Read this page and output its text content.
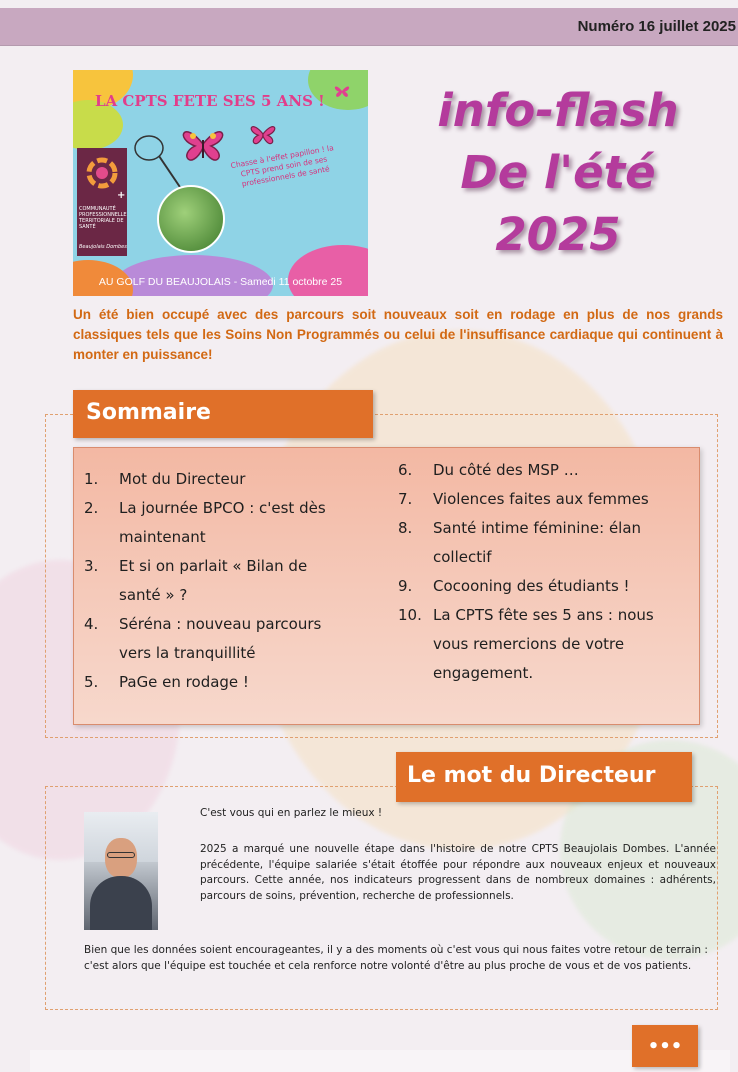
Numéro 16 juillet 2025
LA CPTS FETE SES 5 ANS !
+
COMMUNAUTÉ PROFESSIONNELLE TERRITORIALE DE SANTÉ
Beaujolais Dombes
Chasse à l'effet papillon ! la CPTS prend soin de ses professionnels de santé
AU GOLF DU BEAUJOLAIS - Samedi 11 octobre 25
info-flash
De l'été
2025

Un été bien occupé avec des parcours soit nouveaux soit en rodage en plus de nos grands classiques tels que les Soins Non Programmés ou celui de l'insuffisance cardiaque qui continuent à monter en puissance!

Sommaire
1. Mot du Directeur
2. La journée BPCO : c'est dès
maintenant
3. Et si on parlait « Bilan de
santé » ?
4. Séréna : nouveau parcours
vers la tranquillité
5. PaGe en rodage !
6. Du côté des MSP …
7. Violences faites aux femmes
8. Santé intime féminine: élan
collectif
9. Cocooning des étudiants !
10. La CPTS fête ses 5 ans : nous
vous remercions de votre
engagement.
Le mot du Directeur

C'est vous qui en parlez le mieux !

2025 a marqué une nouvelle étape dans l'histoire de notre CPTS Beaujolais Dombes. L'année précédente, l'équipe salariée s'était étoffée pour répondre aux nouveaux enjeux et nouveaux parcours. Cette année, nos indicateurs progressent dans de nombreux domaines : adhérents, parcours de soins, prévention, recherche de professionnels.

Bien que les données soient encourageantes, il y a des moments où c'est vous qui nous faites votre retour de terrain : c'est alors que l'équipe est touchée et cela renforce notre volonté d'être au plus proche de vous et de vos patients.

•••
